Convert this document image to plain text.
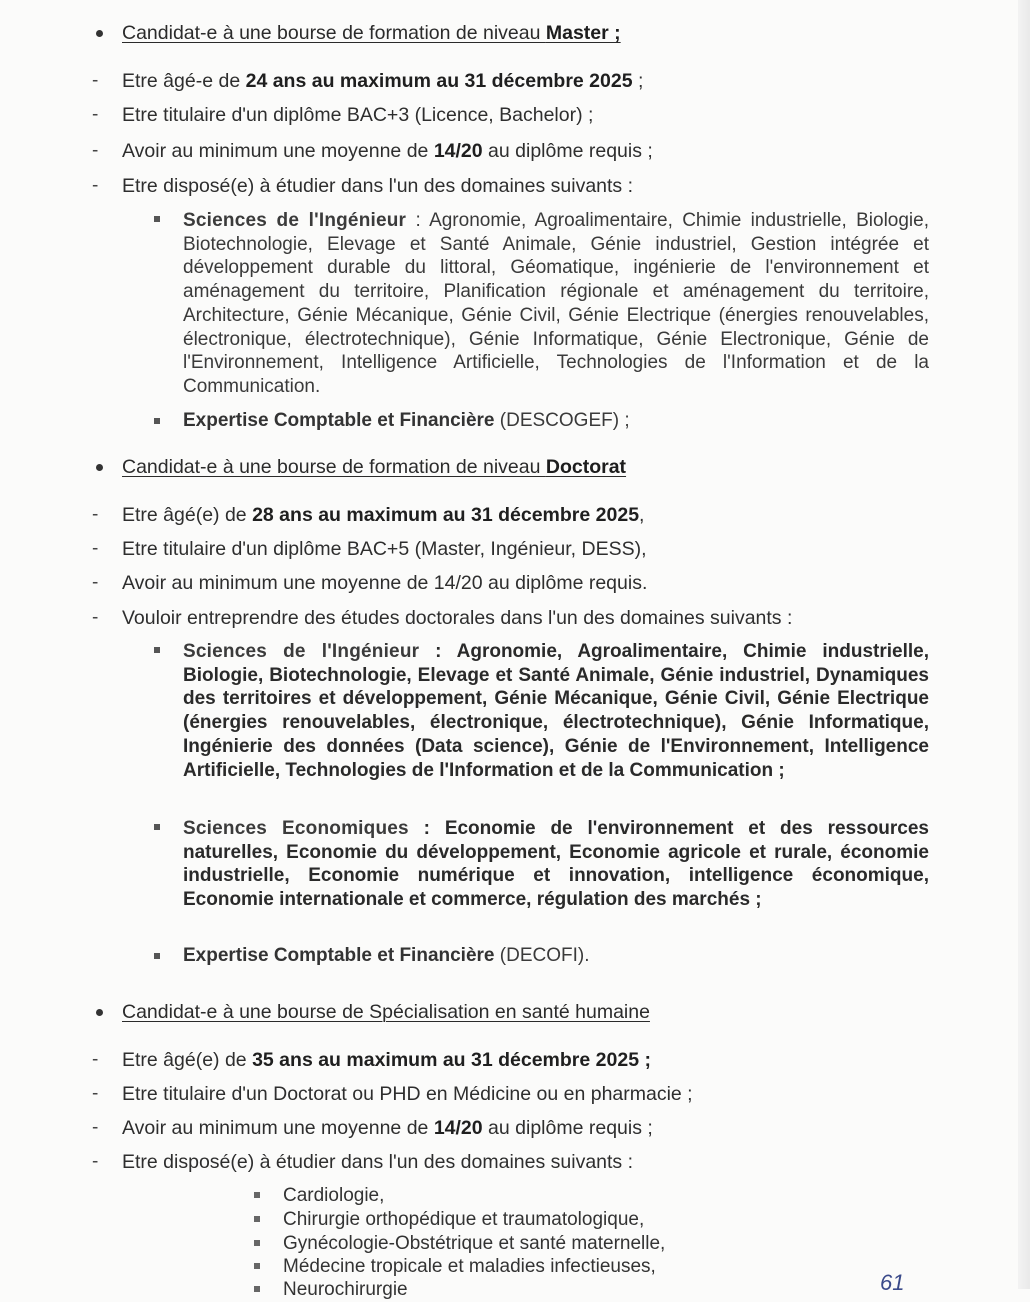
Candidat-e à une bourse de formation de niveau Master ;
- Etre âgé-e de 24 ans au maximum au 31 décembre 2025 ;
- Etre titulaire d'un diplôme BAC+3 (Licence, Bachelor) ;
- Avoir au minimum une moyenne de 14/20 au diplôme requis ;
- Etre disposé(e) à étudier dans l'un des domaines suivants :
Sciences de l'Ingénieur : Agronomie, Agroalimentaire, Chimie industrielle, Biologie, Biotechnologie, Elevage et Santé Animale, Génie industriel, Gestion intégrée et développement durable du littoral, Géomatique, ingénierie de l'environnement et aménagement du territoire, Planification régionale et aménagement du territoire, Architecture, Génie Mécanique, Génie Civil, Génie Electrique (énergies renouvelables, électronique, électrotechnique), Génie Informatique, Génie Electronique, Génie de l'Environnement, Intelligence Artificielle, Technologies de l'Information et de la Communication.
Expertise Comptable et Financière (DESCOGEF) ;
Candidat-e à une bourse de formation de niveau Doctorat
- Etre âgé(e) de 28 ans au maximum au 31 décembre 2025,
- Etre titulaire d'un diplôme BAC+5 (Master, Ingénieur, DESS),
- Avoir au minimum une moyenne de 14/20 au diplôme requis.
- Vouloir entreprendre des études doctorales dans l'un des domaines suivants :
Sciences de l'Ingénieur : Agronomie, Agroalimentaire, Chimie industrielle, Biologie, Biotechnologie, Elevage et Santé Animale, Génie industriel, Dynamiques des territoires et développement, Génie Mécanique, Génie Civil, Génie Electrique (énergies renouvelables, électronique, électrotechnique), Génie Informatique, Ingénierie des données (Data science), Génie de l'Environnement, Intelligence Artificielle, Technologies de l'Information et de la Communication ;
Sciences Economiques : Economie de l'environnement et des ressources naturelles, Economie du développement, Economie agricole et rurale, économie industrielle, Economie numérique et innovation, intelligence économique, Economie internationale et commerce, régulation des marchés ;
Expertise Comptable et Financière (DECOFI).
Candidat-e à une bourse de Spécialisation en santé humaine
- Etre âgé(e) de 35 ans au maximum au 31 décembre 2025 ;
- Etre titulaire d'un Doctorat ou PHD en Médicine ou en pharmacie ;
- Avoir au minimum une moyenne de 14/20 au diplôme requis ;
- Etre disposé(e) à étudier dans l'un des domaines suivants :
Cardiologie,
Chirurgie orthopédique et traumatologique,
Gynécologie-Obstétrique et santé maternelle,
Médecine tropicale et maladies infectieuses,
Neurochirurgie	61
